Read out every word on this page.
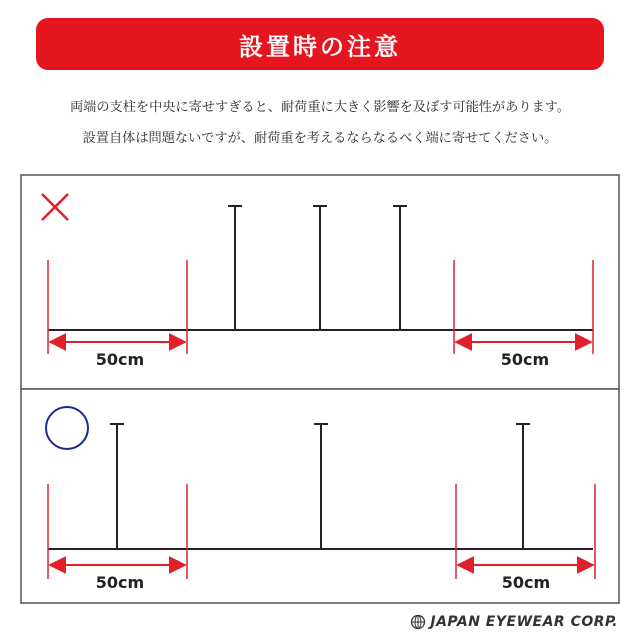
設置時の注意
両端の支柱を中央に寄せすぎると、耐荷重に大きく影響を及ぼす可能性があります。
設置自体は問題ないですが、耐荷重を考えるならなるべく端に寄せてください。
50cm	50cm
50cm	50cm
JAPAN EYEWEAR CORP.
